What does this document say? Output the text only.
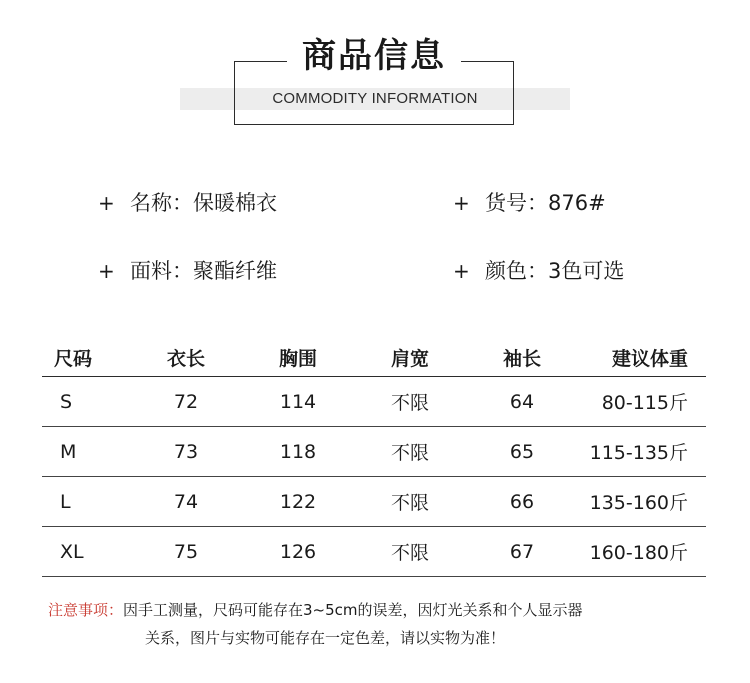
商品信息
COMMODITY INFORMATION
+ 名称：保暖棉衣	+ 货号：876#
+ 面料：聚酯纤维	+ 颜色：3色可选
尺码	衣长	胸围	肩宽	袖长	建议体重
S	72	114	不限	64	80-115斤
M	73	118	不限	65	115-135斤
L	74	122	不限	66	135-160斤
XL	75	126	不限	67	160-180斤
注意事项：因手工测量，尺码可能存在3~5cm的误差，因灯光关系和个人显示器
关系，图片与实物可能存在一定色差，请以实物为准！
